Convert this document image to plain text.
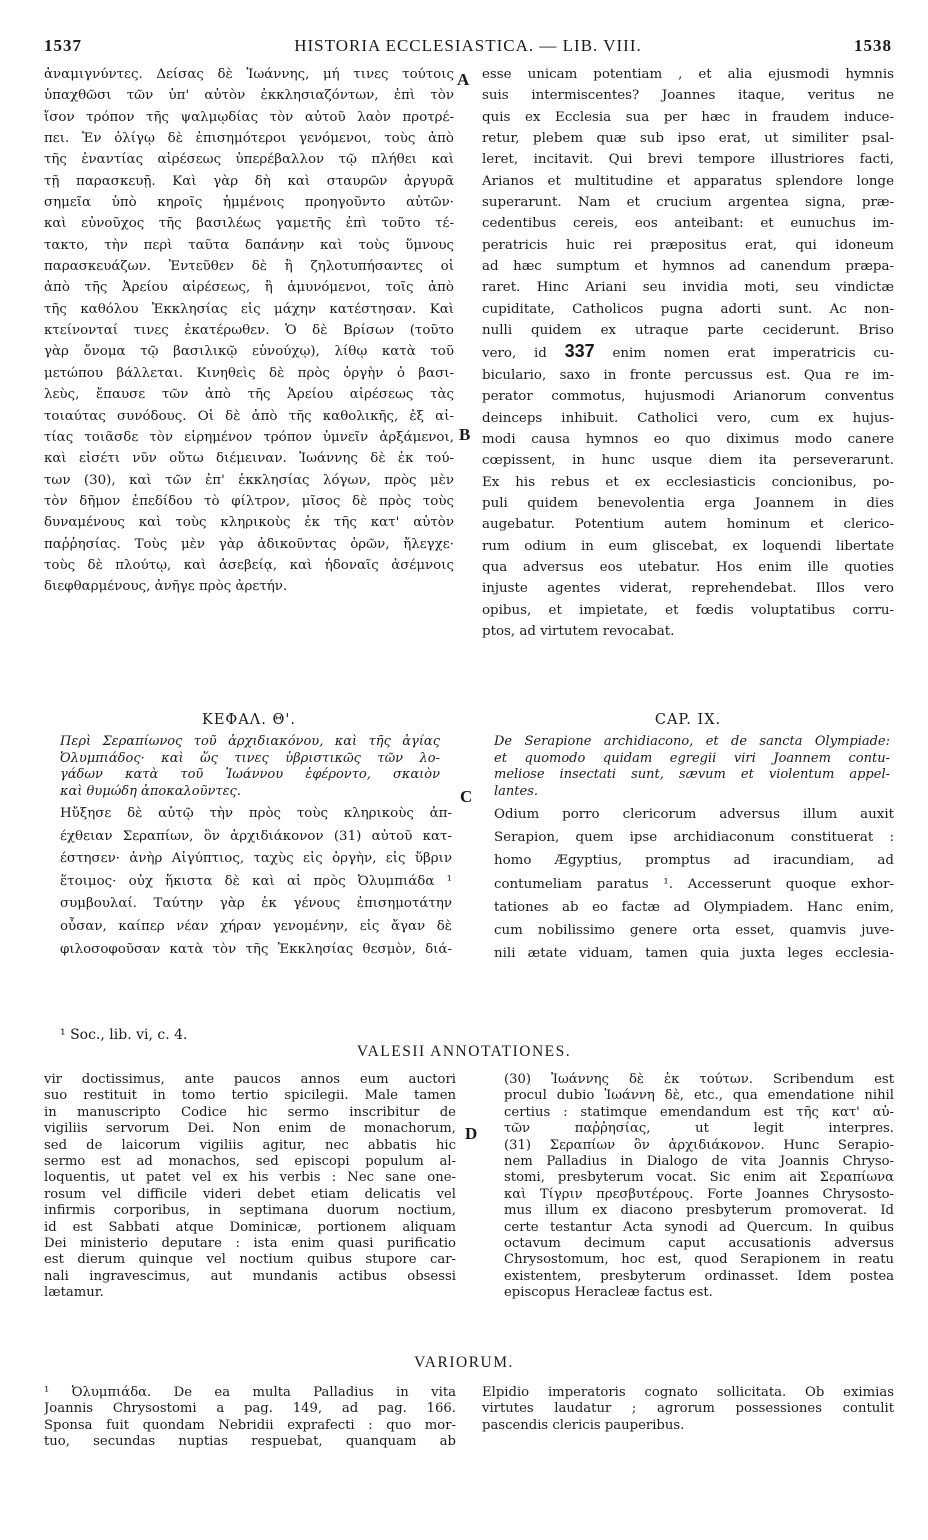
1537	HISTORIA ECCLESIASTICA. — LIB. VIII.	1538
ἀναμιγνύντες. Δείσας δὲ Ἰωάννης, μή τινες τούτοις
ὑπαχθῶσι τῶν ὑπ' αὐτὸν ἐκκλησιαζόντων, ἐπὶ τὸν
ἴσον τρόπον τῆς ψαλμῳδίας τὸν αὐτοῦ λαὸν προτρέ-
πει. Ἐν ὀλίγῳ δὲ ἐπισημότεροι γενόμενοι, τοὺς ἀπὸ
τῆς ἐναντίας αἱρέσεως ὑπερέβαλλον τῷ πλήθει καὶ
τῇ παρασκευῇ. Καὶ γὰρ δὴ καὶ σταυρῶν ἀργυρᾶ
σημεῖα ὑπὸ κηροῖς ἡμμένοις προηγοῦντο αὐτῶν·
καὶ εὐνοῦχος τῆς βασιλέως γαμετῆς ἐπὶ τοῦτο τέ-
τακτο, τὴν περὶ ταῦτα δαπάνην καὶ τοὺς ὕμνους
παρασκευάζων. Ἐντεῦθεν δὲ ἢ ζηλοτυπήσαντες οἱ
ἀπὸ τῆς Ἀρείου αἱρέσεως, ἢ ἀμυνόμενοι, τοῖς ἀπὸ
τῆς καθόλου Ἐκκλησίας εἰς μάχην κατέστησαν. Καὶ
κτείνονταί τινες ἑκατέρωθεν. Ὁ δὲ Βρίσων (τοῦτο
γὰρ ὄνομα τῷ βασιλικῷ εὐνούχῳ), λίθῳ κατὰ τοῦ
μετώπου βάλλεται. Κινηθεὶς δὲ πρὸς ὀργὴν ὁ βασι-
λεὺς, ἔπαυσε τῶν ἀπὸ τῆς Ἀρείου αἱρέσεως τὰς
τοιαύτας συνόδους. Οἱ δὲ ἀπὸ τῆς καθολικῆς, ἐξ αἰ-
τίας τοιᾶσδε τὸν εἰρημένον τρόπον ὑμνεῖν ἀρξάμενοι,
καὶ εἰσέτι νῦν οὕτω διέμειναν. Ἰωάννης δὲ ἐκ τού-
των (30), καὶ τῶν ἐπ' ἐκκλησίας λόγων, πρὸς μὲν
τὸν δῆμον ἐπεδίδου τὸ φίλτρον, μῖσος δὲ πρὸς τοὺς
δυναμένους καὶ τοὺς κληρικοὺς ἐκ τῆς κατ' αὐτὸν
παῤῥησίας. Τοὺς μὲν γὰρ ἀδικοῦντας ὁρῶν, ἤλεγχε·
τοὺς δὲ πλούτῳ, καὶ ἀσεβείᾳ, καὶ ἡδοναῖς ἀσέμνοις
διεφθαρμένους, ἀνῆγε πρὸς ἀρετήν.
esse unicam potentiam , et alia ejusmodi hymnis
suis intermiscentes? Joannes itaque, veritus ne
quis ex Ecclesia sua per hæc in fraudem induce-
retur, plebem quæ sub ipso erat, ut similiter psal-
leret, incitavit. Qui brevi tempore illustriores facti,
Arianos et multitudine et apparatus splendore longe
superarunt. Nam et crucium argentea signa, præ-
cedentibus cereis, eos anteibant: et eunuchus im-
peratricis huic rei præpositus erat, qui idoneum
ad hæc sumptum et hymnos ad canendum præpa-
raret. Hinc Ariani seu invidia moti, seu vindictæ
cupiditate, Catholicos pugna adorti sunt. Ac non-
nulli quidem ex utraque parte ceciderunt. Briso
vero, id 337 enim nomen erat imperatricis cu-
biculario, saxo in fronte percussus est. Qua re im-
perator commotus, hujusmodi Arianorum conventus
deinceps inhibuit. Catholici vero, cum ex hujus-
modi causa hymnos eo quo diximus modo canere
cœpissent, in hunc usque diem ita perseverarunt.
Ex his rebus et ex ecclesiasticis concionibus, po-
puli quidem benevolentia erga Joannem in dies
augebatur. Potentium autem hominum et clerico-
rum odium in eum gliscebat, ex loquendi libertate
qua adversus eos utebatur. Hos enim ille quoties
injuste agentes viderat, reprehendebat. Illos vero
opibus, et impietate, et fœdis voluptatibus corru-
ptos, ad virtutem revocabat.
A
B
C
D
ΚΕΦΑΛ. Θ'.
Περὶ Σεραπίωνος τοῦ ἀρχιδιακόνου, καὶ τῆς ἁγίας
Ὀλυμπιάδος· καὶ ὥς τινες ὑβριστικῶς τῶν λο-
γάδων κατὰ τοῦ Ἰωάννου ἐφέροντο, σκαιὸν
καὶ θυμώδη ἀποκαλοῦντες.
Ηὔξησε δὲ αὐτῷ τὴν πρὸς τοὺς κληρικοὺς ἀπ-
έχθειαν Σεραπίων, ὃν ἀρχιδιάκονον (31) αὐτοῦ κατ-
έστησεν· ἀνὴρ Αἰγύπτιος, ταχὺς εἰς ὀργὴν, εἰς ὕβριν
ἕτοιμος· οὐχ ἥκιστα δὲ καὶ αἱ πρὸς Ὀλυμπιάδα ¹
συμβουλαί. Ταύτην γὰρ ἐκ γένους ἐπισημοτάτην
οὖσαν, καίπερ νέαν χήραν γενομένην, εἰς ἄγαν δὲ
φιλοσοφοῦσαν κατὰ τὸν τῆς Ἐκκλησίας θεσμὸν, διά-
CAP. IX.
De Serapione archidiacono, et de sancta Olympiade:
et quomodo quidam egregii viri Joannem contu-
meliose insectati sunt, sævum et violentum appel-
lantes.
Odium porro clericorum adversus illum auxit
Serapion, quem ipse archidiaconum constituerat :
homo Ægyptius, promptus ad iracundiam, ad
contumeliam paratus ¹. Accesserunt quoque exhor-
tationes ab eo factæ ad Olympiadem. Hanc enim,
cum nobilissimo genere orta esset, quamvis juve-
nili ætate viduam, tamen quia juxta leges ecclesia-
¹ Soc., lib. vi, c. 4.
VALESII ANNOTATIONES.
vir doctissimus, ante paucos annos eum auctori
suo restituit in tomo tertio spicilegii. Male tamen
in manuscripto Codice hic sermo inscribitur de
vigiliis servorum Dei. Non enim de monachorum,
sed de laicorum vigiliis agitur, nec abbatis hic
sermo est ad monachos, sed episcopi populum al-
loquentis, ut patet vel ex his verbis : Nec sane one-
rosum vel difficile videri debet etiam delicatis vel
infirmis corporibus, in septimana duorum noctium,
id est Sabbati atque Dominicæ, portionem aliquam
Dei ministerio deputare : ista enim quasi purificatio
est dierum quinque vel noctium quibus stupore car-
nali ingravescimus, aut mundanis actibus obsessi
lætamur.
(30) Ἰωάννης δὲ ἐκ τούτων. Scribendum est
procul dubio Ἰωάννη δὲ, etc., qua emendatione nihil
certius : statimque emendandum est τῆς κατ' αὐ-
τῶν παῤῥησίας, ut legit interpres.
(31) Σεραπίων ὃν ἀρχιδιάκονον. Hunc Serapio-
nem Palladius in Dialogo de vita Joannis Chryso-
stomi, presbyterum vocat. Sic enim ait Σεραπίωνα
καὶ Τίγριν πρεσβυτέρους. Forte Joannes Chrysosto-
mus illum ex diacono presbyterum promoverat. Id
certe testantur Acta synodi ad Quercum. In quibus
octavum decimum caput accusationis adversus
Chrysostomum, hoc est, quod Serapionem in reatu
existentem, presbyterum ordinasset. Idem postea
episcopus Heracleæ factus est.
VARIORUM.
¹ Ὀλυμπιάδα. De ea multa Palladius in vita
Joannis Chrysostomi a pag. 149, ad pag. 166.
Sponsa fuit quondam Nebridii exprafecti : quo mor-
tuo, secundas nuptias respuebat, quanquam ab
Elpidio imperatoris cognato sollicitata. Ob eximias
virtutes laudatur ; agrorum possessiones contulit
pascendis clericis pauperibus.
